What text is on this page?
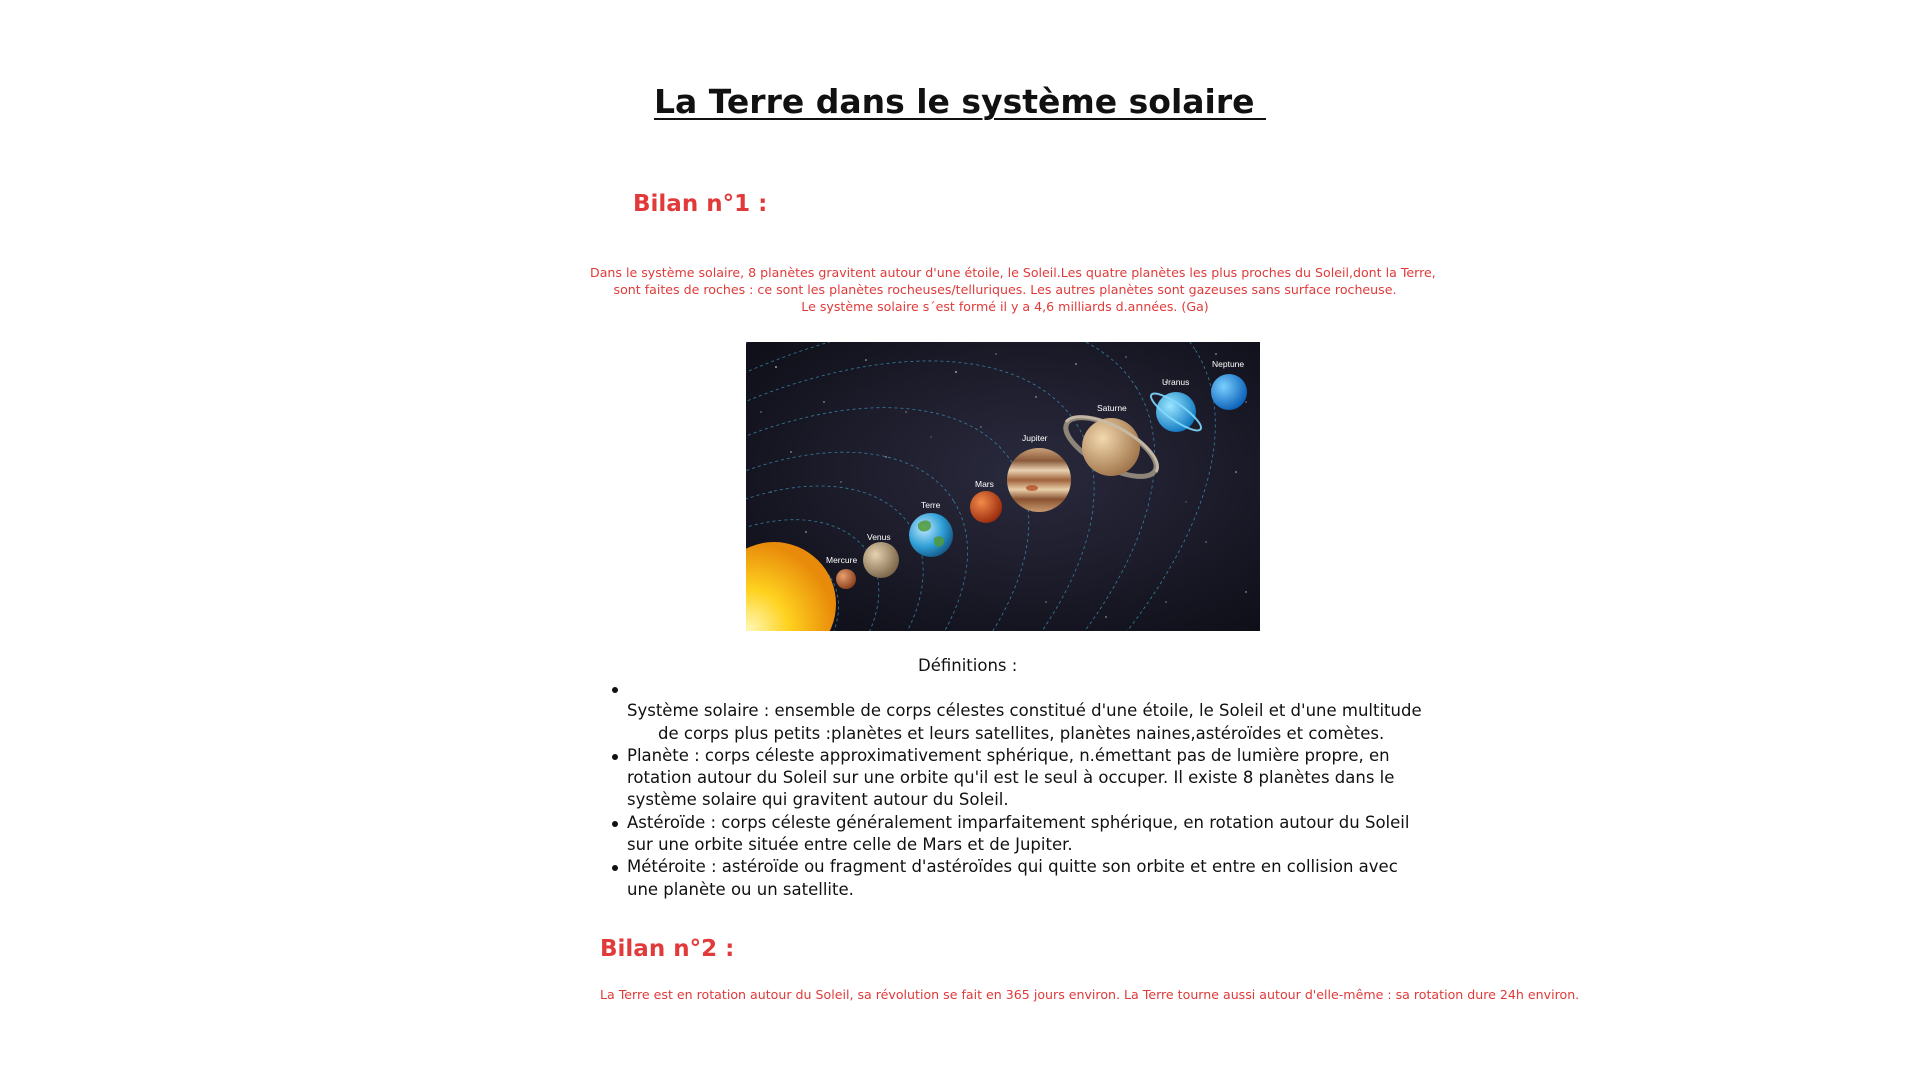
La Terre dans le système solaire
Bilan n°1 :
Dans le système solaire, 8 planètes gravitent autour d'une étoile, le Soleil.Les quatre planètes les plus proches du Soleil,dont la Terre,
sont faites de roches : ce sont les planètes rocheuses/telluriques. Les autres planètes sont gazeuses sans surface rocheuse.
Le système solaire s´est formé il y a 4,6 milliards d.années. (Ga)
Mercure
Venus
Terre
Mars
Jupiter
Saturne
Uranus
Neptune
Définitions :
Système solaire : ensemble de corps célestes constitué d'une étoile, le Soleil et d'une multitude
de corps plus petits :planètes et leurs satellites, planètes naines,astéroïdes et comètes.
Planète : corps céleste approximativement sphérique, n.émettant pas de lumière propre, en
rotation autour du Soleil sur une orbite qu'il est le seul à occuper. Il existe 8 planètes dans le
système solaire qui gravitent autour du Soleil.
Astéroïde : corps céleste généralement imparfaitement sphérique, en rotation autour du Soleil
sur une orbite située entre celle de Mars et de Jupiter.
Météroite : astéroïde ou fragment d'astéroïdes qui quitte son orbite et entre en collision avec
une planète ou un satellite.
Bilan n°2 :
La Terre est en rotation autour du Soleil, sa révolution se fait en 365 jours environ. La Terre tourne aussi autour d'elle-même : sa rotation dure 24h environ.
